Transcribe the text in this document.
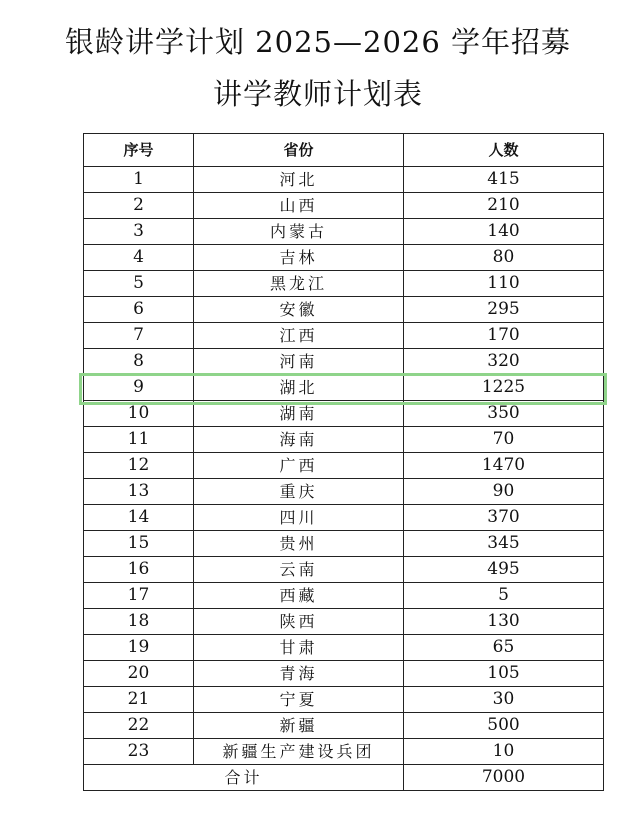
银龄讲学计划 2025—2026 学年招募
讲学教师计划表
序号	省份	人数
1	河北	415
2	山西	210
3	内蒙古	140
4	吉林	80
5	黑龙江	110
6	安徽	295
7	江西	170
8	河南	320
9	湖北	1225
10	湖南	350
11	海南	70
12	广西	1470
13	重庆	90
14	四川	370
15	贵州	345
16	云南	495
17	西藏	5
18	陕西	130
19	甘肃	65
20	青海	105
21	宁夏	30
22	新疆	500
23	新疆生产建设兵团	10
合计		7000
